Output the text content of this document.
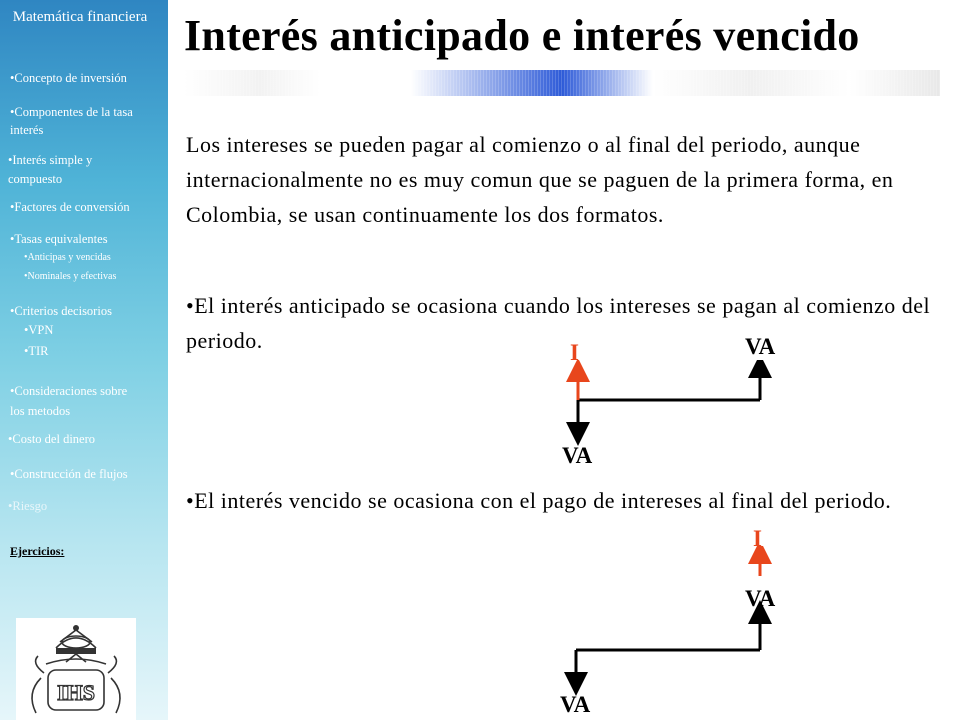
Matemática financiera
•Concepto de inversión
•Componentes de la tasa
interés
•Interés simple y
compuesto
•Factores de conversión
•Tasas equivalentes
•Anticipas y vencidas
•Nominales y efectivas
•Criterios decisorios
•VPN
•TIR
•Consideraciones sobre
los metodos
•Costo del dinero
•Construcción de flujos
•Riesgo
Ejercicios:
IHS
Interés anticipado e interés vencido
Los intereses se pueden pagar al comienzo o al final del periodo, aunque internacionalmente no es muy comun que se paguen de la primera forma, en Colombia, se usan continuamente los dos formatos.
•El interés anticipado se ocasiona cuando los intereses se pagan al comienzo del periodo.
•El interés vencido se ocasiona con el pago de intereses al final del periodo.
I	VA
VA
I
VA
VA
